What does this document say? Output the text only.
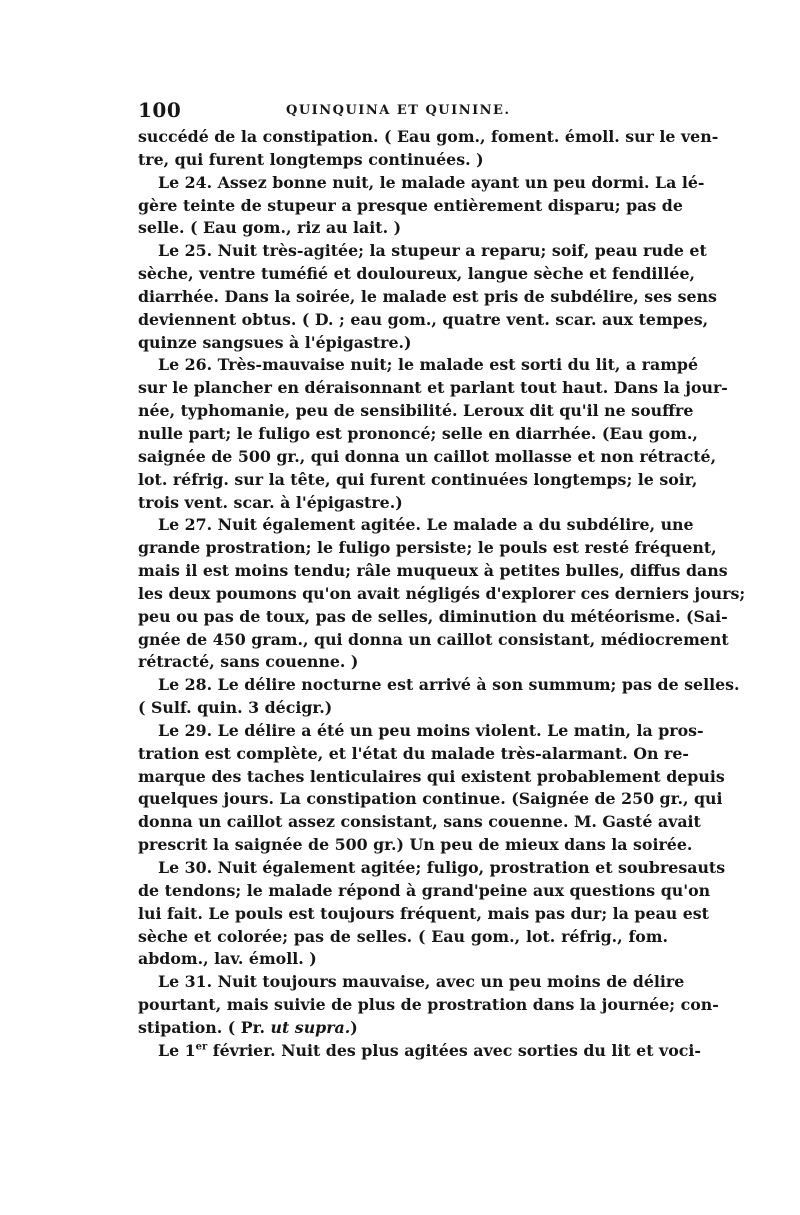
100	QUINQUINA ET QUININE.
succédé de la constipation. ( Eau gom., foment. émoll. sur le ven-
tre, qui furent longtemps continuées. )
Le 24. Assez bonne nuit, le malade ayant un peu dormi. La lé-
gère teinte de stupeur a presque entièrement disparu; pas de
selle. ( Eau gom., riz au lait. )
Le 25. Nuit très-agitée; la stupeur a reparu; soif, peau rude et
sèche, ventre tuméfié et douloureux, langue sèche et fendillée,
diarrhée. Dans la soirée, le malade est pris de subdélire, ses sens
deviennent obtus. ( D. ; eau gom., quatre vent. scar. aux tempes,
quinze sangsues à l'épigastre.)
Le 26. Très-mauvaise nuit; le malade est sorti du lit, a rampé
sur le plancher en déraisonnant et parlant tout haut. Dans la jour-
née, typhomanie, peu de sensibilité. Leroux dit qu'il ne souffre
nulle part; le fuligo est prononcé; selle en diarrhée. (Eau gom.,
saignée de 500 gr., qui donna un caillot mollasse et non rétracté,
lot. réfrig. sur la tête, qui furent continuées longtemps; le soir,
trois vent. scar. à l'épigastre.)
Le 27. Nuit également agitée. Le malade a du subdélire, une
grande prostration; le fuligo persiste; le pouls est resté fréquent,
mais il est moins tendu; râle muqueux à petites bulles, diffus dans
les deux poumons qu'on avait négligés d'explorer ces derniers jours;
peu ou pas de toux, pas de selles, diminution du météorisme. (Sai-
gnée de 450 gram., qui donna un caillot consistant, médiocrement
rétracté, sans couenne. )
Le 28. Le délire nocturne est arrivé à son summum; pas de selles.
( Sulf. quin. 3 décigr.)
Le 29. Le délire a été un peu moins violent. Le matin, la pros-
tration est complète, et l'état du malade très-alarmant. On re-
marque des taches lenticulaires qui existent probablement depuis
quelques jours. La constipation continue. (Saignée de 250 gr., qui
donna un caillot assez consistant, sans couenne. M. Gasté avait
prescrit la saignée de 500 gr.) Un peu de mieux dans la soirée.
Le 30. Nuit également agitée; fuligo, prostration et soubresauts
de tendons; le malade répond à grand'peine aux questions qu'on
lui fait. Le pouls est toujours fréquent, mais pas dur; la peau est
sèche et colorée; pas de selles. ( Eau gom., lot. réfrig., fom.
abdom., lav. émoll. )
Le 31. Nuit toujours mauvaise, avec un peu moins de délire
pourtant, mais suivie de plus de prostration dans la journée; con-
stipation. ( Pr. ut supra.)
Le 1er février. Nuit des plus agitées avec sorties du lit et voci-
